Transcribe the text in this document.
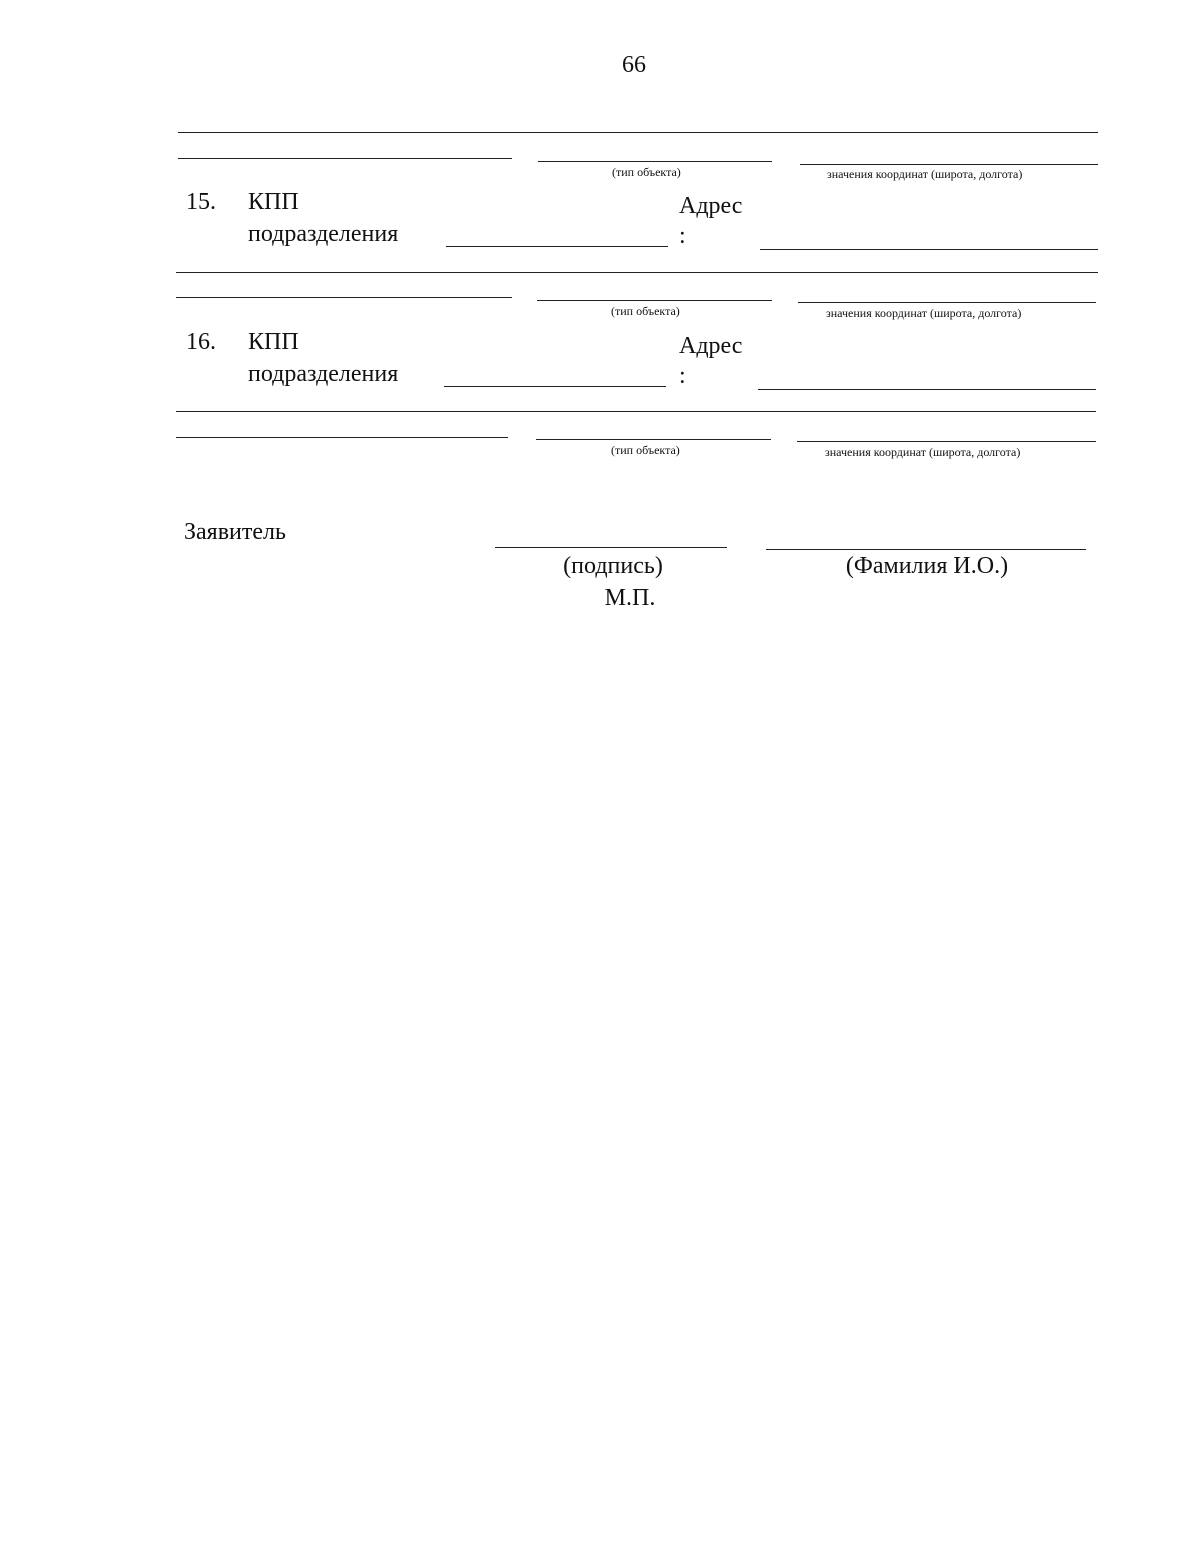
66
(тип объекта)	значения координат (широта, долгота)
15. КПП
подразделения
Адрес
:
(тип объекта)	значения координат (широта, долгота)
16. КПП
подразделения
Адрес
:
(тип объекта)	значения координат (широта, долгота)
Заявитель
(подпись)	(Фамилия И.О.)
М.П.
